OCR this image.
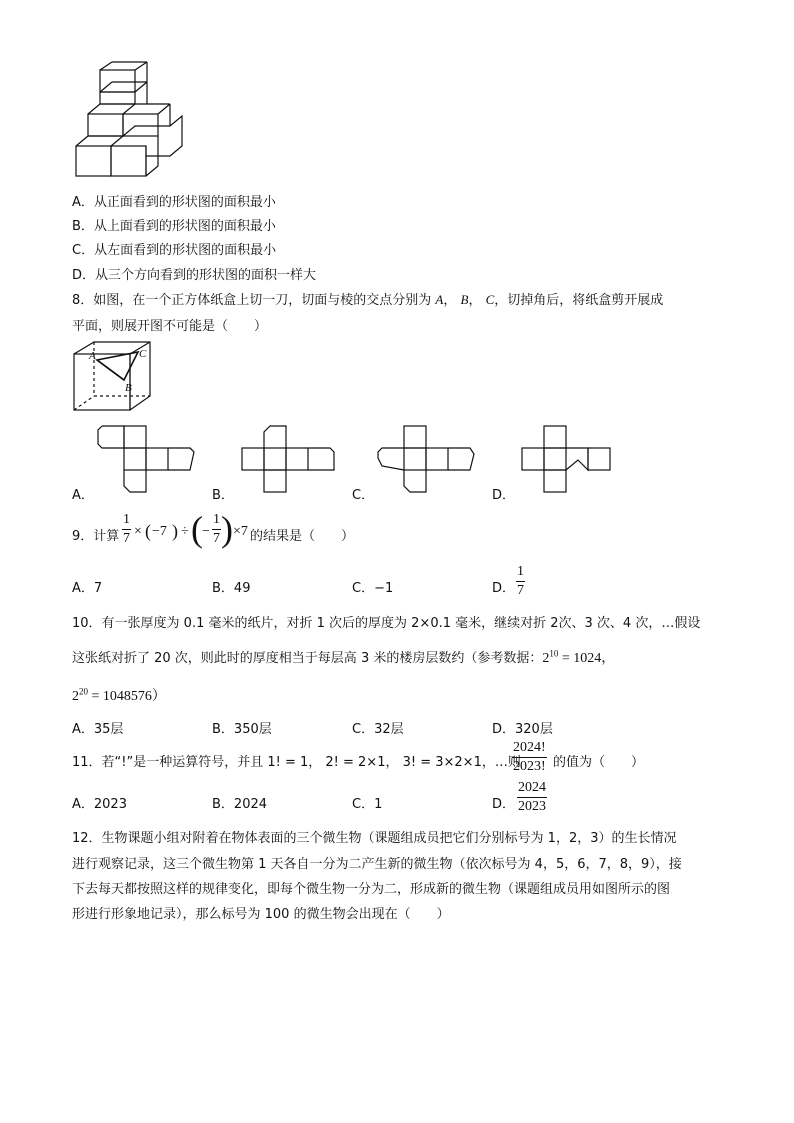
A．从正面看到的形状图的面积最小
B．从上面看到的形状图的面积最小
C．从左面看到的形状图的面积最小
D．从三个方向看到的形状图的面积一样大
8．如图，在一个正方体纸盒上切一刀，切面与棱的交点分别为 A， B， C，切掉角后，将纸盒剪开展成
平面，则展开图不可能是（　　）
A	C
B
A．	B．	C．	D．
9．计算
1
7 × ( −7 ) ÷ ( −
1
7 ) ×7 的结果是（　　）
A．7	B．49	C．−1	D．
1
7
10．有一张厚度为 0.1 毫米的纸片，对折 1 次后的厚度为 2×0.1 毫米，继续对折 2次、3 次、4 次，…假设
这张纸对折了 20 次，则此时的厚度相当于每层高 3 米的楼房层数约（参考数据：$2^{10} = 1024$，
$2^{20} = 1048576$）
A．35层	B．350层	C．32层	D．320层
11．若“!”是一种运算符号，并且 1! = 1， 2! = 2×1， 3! = 3×2×1，…则
2024!
2023! 的值为（　　）
A．2023	B．2024	C．1	D．
2024
2023
12．生物课题小组对附着在物体表面的三个微生物（课题组成员把它们分别标号为 1，2，3）的生长情况
进行观察记录，这三个微生物第 1 天各自一分为二产生新的微生物（依次标号为 4，5，6，7，8，9），接
下去每天都按照这样的规律变化，即每个微生物一分为二，形成新的微生物（课题组成员用如图所示的图
形进行形象地记录），那么标号为 100 的微生物会出现在（　　）
